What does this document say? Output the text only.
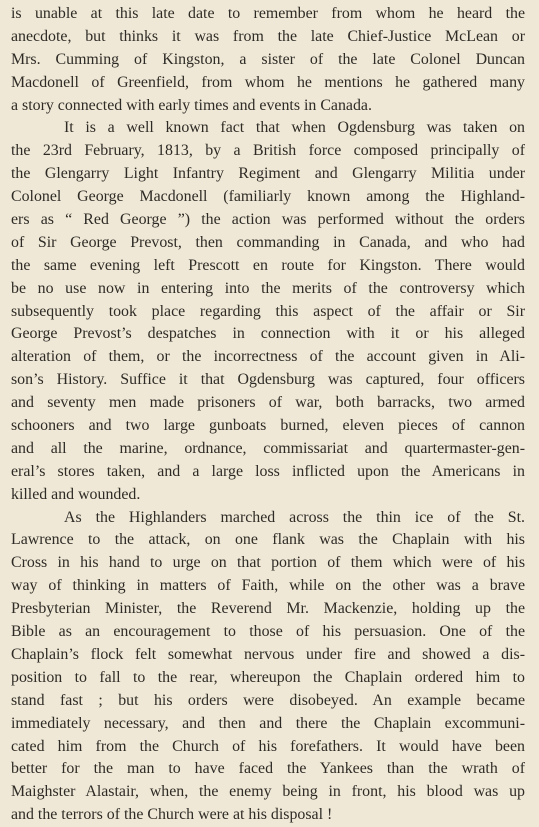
is unable at this late date to remember from whom he heard the
anecdote, but thinks it was from the late Chief-Justice McLean or
Mrs. Cumming of Kingston, a sister of the late Colonel Duncan
Macdonell of Greenfield, from whom he mentions he gathered many
a story connected with early times and events in Canada.
It is a well known fact that when Ogdensburg was taken on
the 23rd February, 1813, by a British force composed principally of
the Glengarry Light Infantry Regiment and Glengarry Militia under
Colonel George Macdonell (familiarly known among the Highland-
ers as “ Red George ”) the action was performed without the orders
of Sir George Prevost, then commanding in Canada, and who had
the same evening left Prescott en route for Kingston. There would
be no use now in entering into the merits of the controversy which
subsequently took place regarding this aspect of the affair or Sir
George Prevost’s despatches in connection with it or his alleged
alteration of them, or the incorrectness of the account given in Ali-
son’s History. Suffice it that Ogdensburg was captured, four officers
and seventy men made prisoners of war, both barracks, two armed
schooners and two large gunboats burned, eleven pieces of cannon
and all the marine, ordnance, commissariat and quartermaster-gen-
eral’s stores taken, and a large loss inflicted upon the Americans in
killed and wounded.
As the Highlanders marched across the thin ice of the St.
Lawrence to the attack, on one flank was the Chaplain with his
Cross in his hand to urge on that portion of them which were of his
way of thinking in matters of Faith, while on the other was a brave
Presbyterian Minister, the Reverend Mr. Mackenzie, holding up the
Bible as an encouragement to those of his persuasion. One of the
Chaplain’s flock felt somewhat nervous under fire and showed a dis-
position to fall to the rear, whereupon the Chaplain ordered him to
stand fast ; but his orders were disobeyed. An example became
immediately necessary, and then and there the Chaplain excommuni-
cated him from the Church of his forefathers. It would have been
better for the man to have faced the Yankees than the wrath of
Maighster Alastair, when, the enemy being in front, his blood was up
and the terrors of the Church were at his disposal !
